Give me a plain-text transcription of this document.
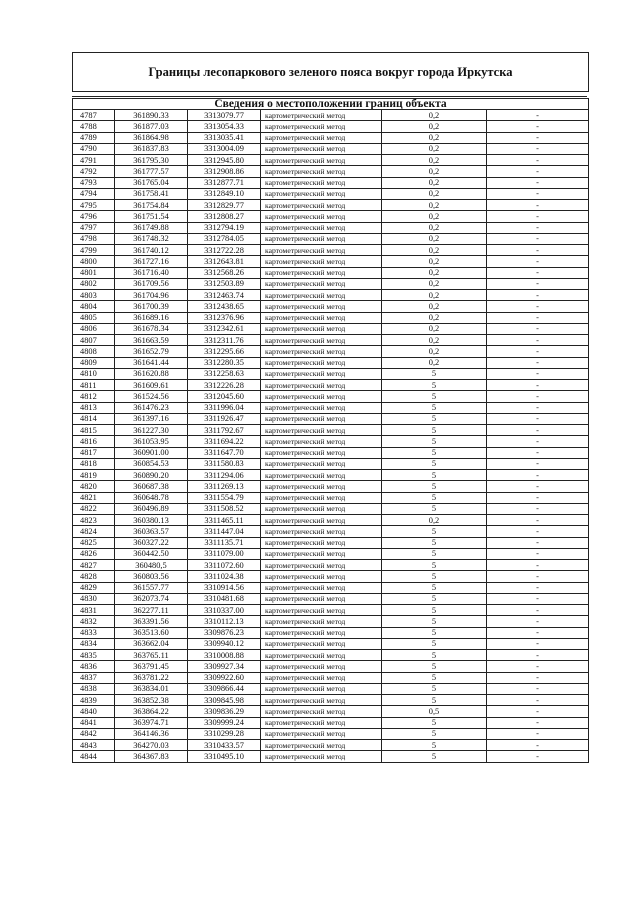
Границы лесопаркового зеленого пояса вокруг города Иркутска
Сведения о местоположении границ объекта
4787	361890.33	3313079.77	картометрический метод	0,2	-
4788	361877.03	3313054.33	картометрический метод	0,2	-
4789	361864.98	3313035.41	картометрический метод	0,2	-
4790	361837.83	3313004.09	картометрический метод	0,2	-
4791	361795.30	3312945.80	картометрический метод	0,2	-
4792	361777.57	3312908.86	картометрический метод	0,2	-
4793	361765.04	3312877.71	картометрический метод	0,2	-
4794	361758.41	3312849.10	картометрический метод	0,2	-
4795	361754.84	3312829.77	картометрический метод	0,2	-
4796	361751.54	3312808.27	картометрический метод	0,2	-
4797	361749.88	3312794.19	картометрический метод	0,2	-
4798	361748.32	3312784.05	картометрический метод	0,2	-
4799	361740.12	3312722.28	картометрический метод	0,2	-
4800	361727.16	3312643.81	картометрический метод	0,2	-
4801	361716.40	3312568.26	картометрический метод	0,2	-
4802	361709.56	3312503.89	картометрический метод	0,2	-
4803	361704.96	3312463.74	картометрический метод	0,2	-
4804	361700.39	3312438.65	картометрический метод	0,2	-
4805	361689.16	3312376.96	картометрический метод	0,2	-
4806	361678.34	3312342.61	картометрический метод	0,2	-
4807	361663.59	3312311.76	картометрический метод	0,2	-
4808	361652.79	3312295.66	картометрический метод	0,2	-
4809	361641.44	3312280.35	картометрический метод	0,2	-
4810	361620.88	3312258.63	картометрический метод	5	-
4811	361609.61	3312226.28	картометрический метод	5	-
4812	361524.56	3312045.60	картометрический метод	5	-
4813	361476.23	3311996.04	картометрический метод	5	-
4814	361397.16	3311926.47	картометрический метод	5	-
4815	361227.30	3311792.67	картометрический метод	5	-
4816	361053.95	3311694.22	картометрический метод	5	-
4817	360901.00	3311647.70	картометрический метод	5	-
4818	360854.53	3311580.83	картометрический метод	5	-
4819	360890.20	3311294.06	картометрический метод	5	-
4820	360687.38	3311269.13	картометрический метод	5	-
4821	360648.78	3311554.79	картометрический метод	5	-
4822	360496.89	3311508.52	картометрический метод	5	-
4823	360380.13	3311465.11	картометрический метод	0,2	-
4824	360363.57	3311447.04	картометрический метод	5	-
4825	360327.22	3311135.71	картометрический метод	5	-
4826	360442.50	3311079.00	картометрический метод	5	-
4827	360480,5	3311072.60	картометрический метод	5	-
4828	360803.56	3311024.38	картометрический метод	5	-
4829	361557.77	3310914.56	картометрический метод	5	-
4830	362073.74	3310481.68	картометрический метод	5	-
4831	362277.11	3310337.00	картометрический метод	5	-
4832	363391.56	3310112.13	картометрический метод	5	-
4833	363513.60	3309876.23	картометрический метод	5	-
4834	363662.04	3309940.12	картометрический метод	5	-
4835	363765.11	3310008.88	картометрический метод	5	-
4836	363791.45	3309927.34	картометрический метод	5	-
4837	363781.22	3309922.60	картометрический метод	5	-
4838	363834.01	3309866.44	картометрический метод	5	-
4839	363852.38	3309845.98	картометрический метод	5	-
4840	363864.22	3309836.29	картометрический метод	0,5	-
4841	363974.71	3309999.24	картометрический метод	5	-
4842	364146.36	3310299.28	картометрический метод	5	-
4843	364270.03	3310433.57	картометрический метод	5	-
4844	364367.83	3310495.10	картометрический метод	5	-
